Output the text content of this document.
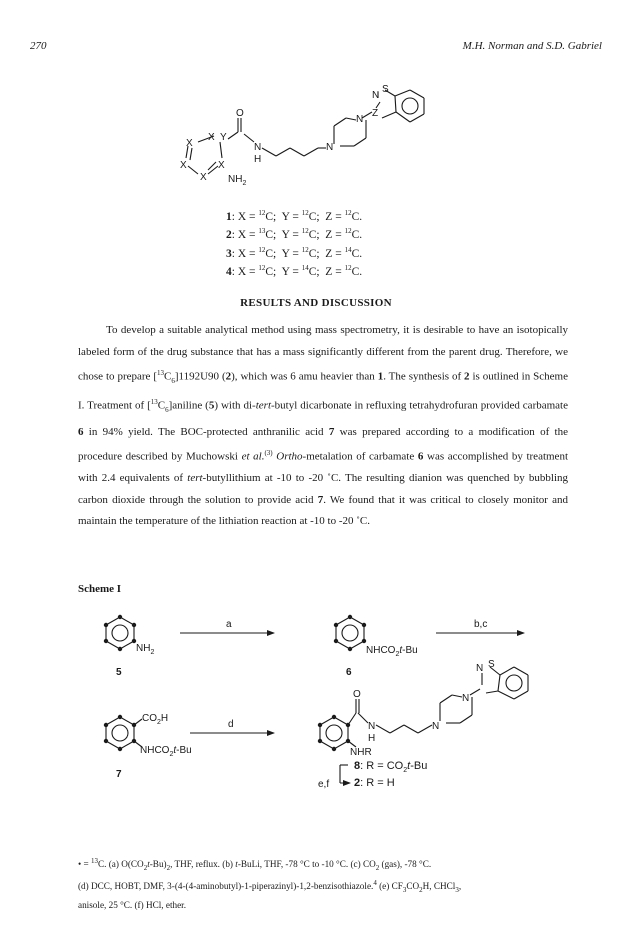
270	M.H. Norman and S.D. Gabriel
S
N
Z
N
N
O
Y
N
H
X
X
X
X
X
$NH_2$
1: X = $^{12}$C;  Y = $^{12}$C;  Z = $^{12}$C.
2: X = $^{13}$C;  Y = $^{12}$C;  Z = $^{12}$C.
3: X = $^{12}$C;  Y = $^{12}$C;  Z = $^{14}$C.
4: X = $^{12}$C;  Y = $^{14}$C;  Z = $^{12}$C.
RESULTS AND DISCUSSION

To develop a suitable analytical method using mass spectrometry, it is desirable to have an isotopically labeled form of the drug substance that has a mass significantly different from the parent drug. Therefore, we chose to prepare $[^{13}C_6]1192U90$ (2), which was 6 amu heavier than 1. The synthesis of 2 is outlined in Scheme I. Treatment of $[^{13}C_6]aniline$ (5) with di-tert-butyl dicarbonate in refluxing tetrahydrofuran provided carbamate 6 in 94% yield. The BOC-protected anthranilic acid 7 was prepared according to a modification of the procedure described by Muchowski et al.$^{(3)}$ Ortho-metalation of carbamate 6 was accomplished by treatment with 2.4 equivalents of tert-butyllithium at -10 to -20 ˚C. The resulting dianion was quenched by bubbling carbon dioxide through the solution to provide acid 7. We found that it was critical to closely monitor and maintain the temperature of the lithiation reaction at -10 to -20 ˚C.

Scheme I
a	b,c
d
e,f
$NH_2$
5
$NHCO_2t-Bu$
6
$CO_2H$
$NHCO_2t-Bu$
7
O
N
H
NHR
N
N
N S
8: $R = CO_2t-Bu$
2: R = H

• = $^{13}$C. (a) $O(CO_2t-Bu)_2$, THF, reflux. (b) t-BuLi, THF, -78 °C to -10 °C. (c) $CO_2$ (gas), -78 °C.

(d) DCC, HOBT, DMF, 3-(4-(4-aminobutyl)-1-piperazinyl)-1,2-benzisothiazole.$^4$ (e) $CF_3CO_2H$, CHCl$_3$,

anisole, 25 °C. (f) HCl, ether.
